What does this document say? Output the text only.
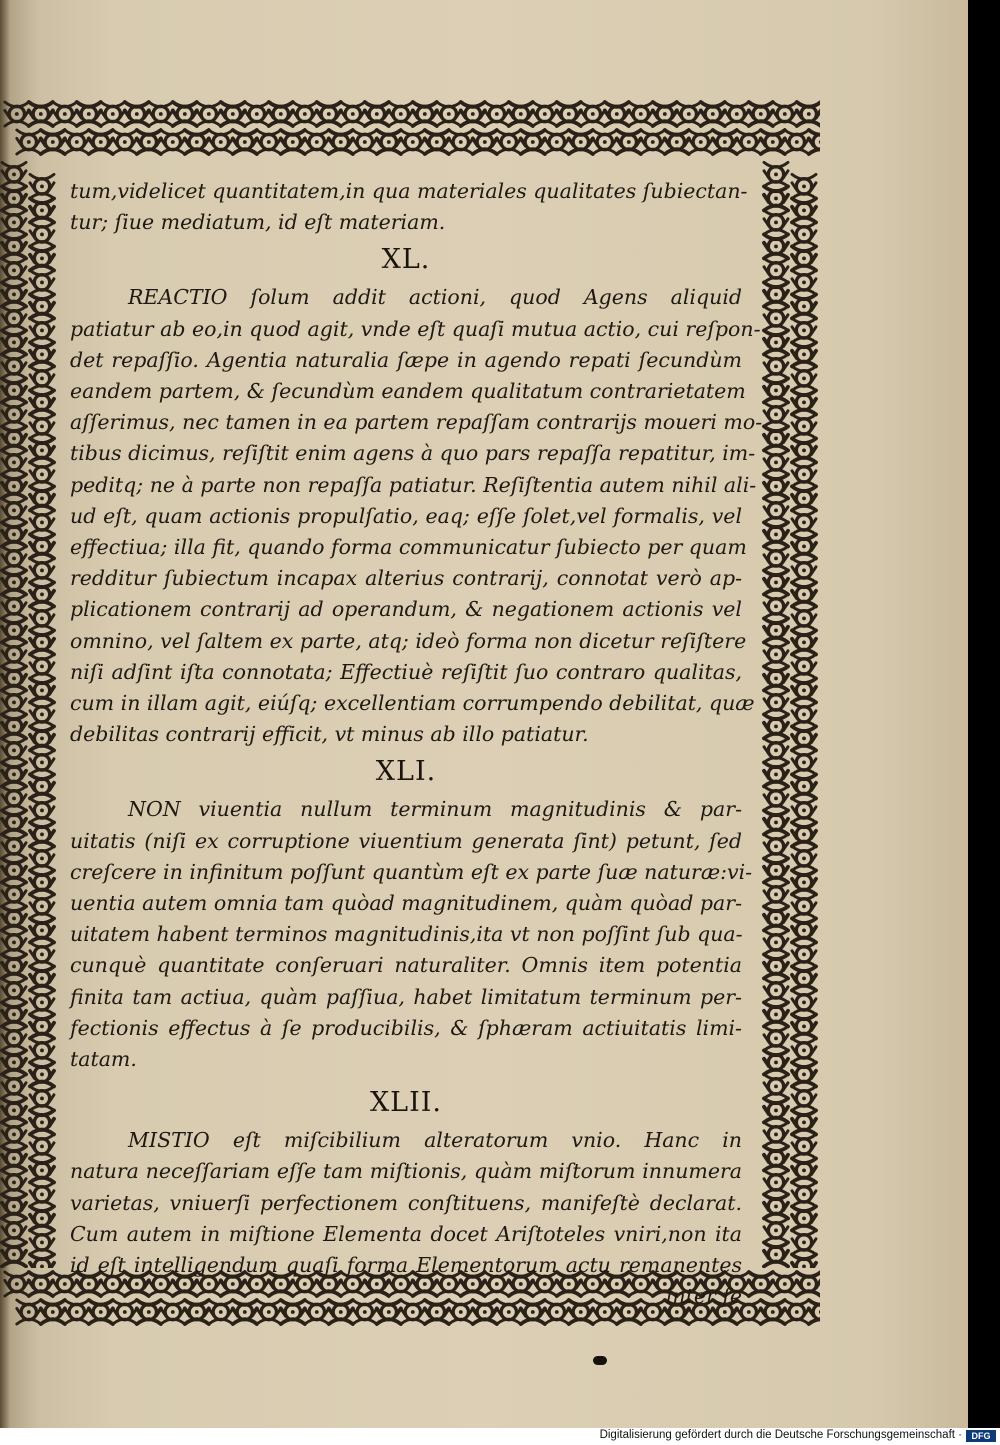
tum,videlicet quantitatem,in qua materiales qualitates ſubiectan-
tur; ſiue mediatum, id eſt materiam.
XL.
REACTIO ſolum addit actioni, quod Agens aliquid
patiatur ab eo,in quod agit, vnde eſt quaſi mutua actio, cui reſpon-
det repaſſio. Agentia naturalia ſæpe in agendo repati ſecundùm
eandem partem, & ſecundùm eandem qualitatum contrarietatem
aſſerimus, nec tamen in ea partem repaſſam contrarijs moueri mo-
tibus dicimus, reſiſtit enim agens à quo pars repaſſa repatitur, im-
peditq; ne à parte non repaſſa patiatur. Reſiſtentia autem nihil ali-
ud eſt, quam actionis propulſatio, eaq; eſſe ſolet,vel formalis, vel
effectiua; illa fit, quando forma communicatur ſubiecto per quam
redditur ſubiectum incapax alterius contrarij, connotat verò ap-
plicationem contrarij ad operandum, & negationem actionis vel
omnino, vel ſaltem ex parte, atq; ideò forma non dicetur reſiſtere
niſi adſint iſta connotata; Effectiuè reſiſtit ſuo contraro qualitas,
cum in illam agit, eiúſq; excellentiam corrumpendo debilitat, quæ
debilitas contrarij efficit, vt minus ab illo patiatur.
XLI.
NON viuentia nullum terminum magnitudinis & par-
uitatis (niſi ex corruptione viuentium generata ſint) petunt, ſed
creſcere in infinitum poſſunt quantùm eſt ex parte ſuæ naturæ:vi-
uentia autem omnia tam quòad magnitudinem, quàm quòad par-
uitatem habent terminos magnitudinis,ita vt non poſſint ſub qua-
cunquè quantitate conſeruari naturaliter. Omnis item potentia
finita tam actiua, quàm paſſiua, habet limitatum terminum per-
fectionis effectus à ſe producibilis, & ſphæram actiuitatis limi-
tatam.
XLII.
MISTIO eſt miſcibilium alteratorum vnio. Hanc in
natura neceſſariam eſſe tam miſtionis, quàm miſtorum innumera
varietas, vniuerſi perfectionem conſtituens, manifeſtè declarat.
Cum autem in miſtione Elementa docet Ariſtoteles vniri,non ita
id eſt intelligendum quaſi forma Elementorum actu remanentes
inter ſe
Digitalisierung gefördert durch die Deutsche Forschungsgemeinschaft ·	DFG
